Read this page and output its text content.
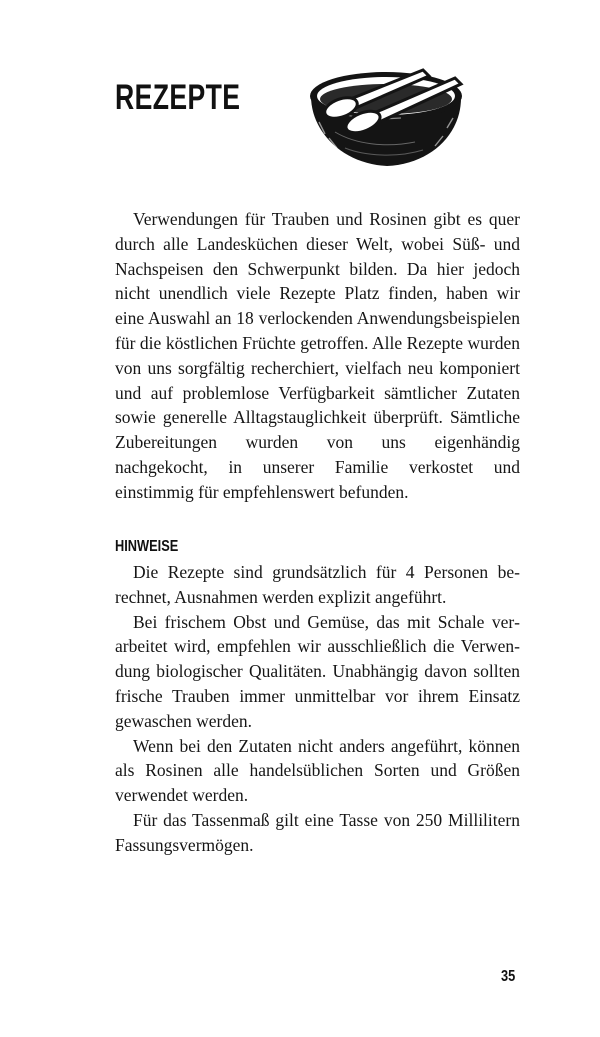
REZEPTE

Verwendungen für Trauben und Rosinen gibt es quer durch alle Landesküchen dieser Welt, wobei Süß- und Nachspeisen den Schwerpunkt bilden. Da hier jedoch nicht unendlich viele Rezepte Platz finden, haben wir eine Auswahl an 18 verlockenden Anwendungsbeispielen für die köstlichen Früchte getroffen. Alle Rezepte wurden von uns sorgfältig recherchiert, vielfach neu komponiert und auf problemlose Verfügbarkeit sämtlicher Zutaten sowie generelle Alltagstauglichkeit überprüft. Sämtliche Zubereitungen wurden von uns eigenhändig nachgekocht, in unserer Familie verkostet und einstimmig für empfehlenswert befunden.

HINWEISE

Die Rezepte sind grundsätzlich für 4 Personen berechnet, Ausnahmen werden explizit angeführt.

Bei frischem Obst und Gemüse, das mit Schale verarbeitet wird, empfehlen wir ausschließlich die Verwendung biologischer Qualitäten. Unabhängig davon sollten frische Trauben immer unmittelbar vor ihrem Einsatz gewaschen werden.

Wenn bei den Zutaten nicht anders angeführt, können als Rosinen alle handelsüblichen Sorten und Größen verwendet werden.

Für das Tassenmaß gilt eine Tasse von 250 Millilitern Fassungsvermögen.

35
